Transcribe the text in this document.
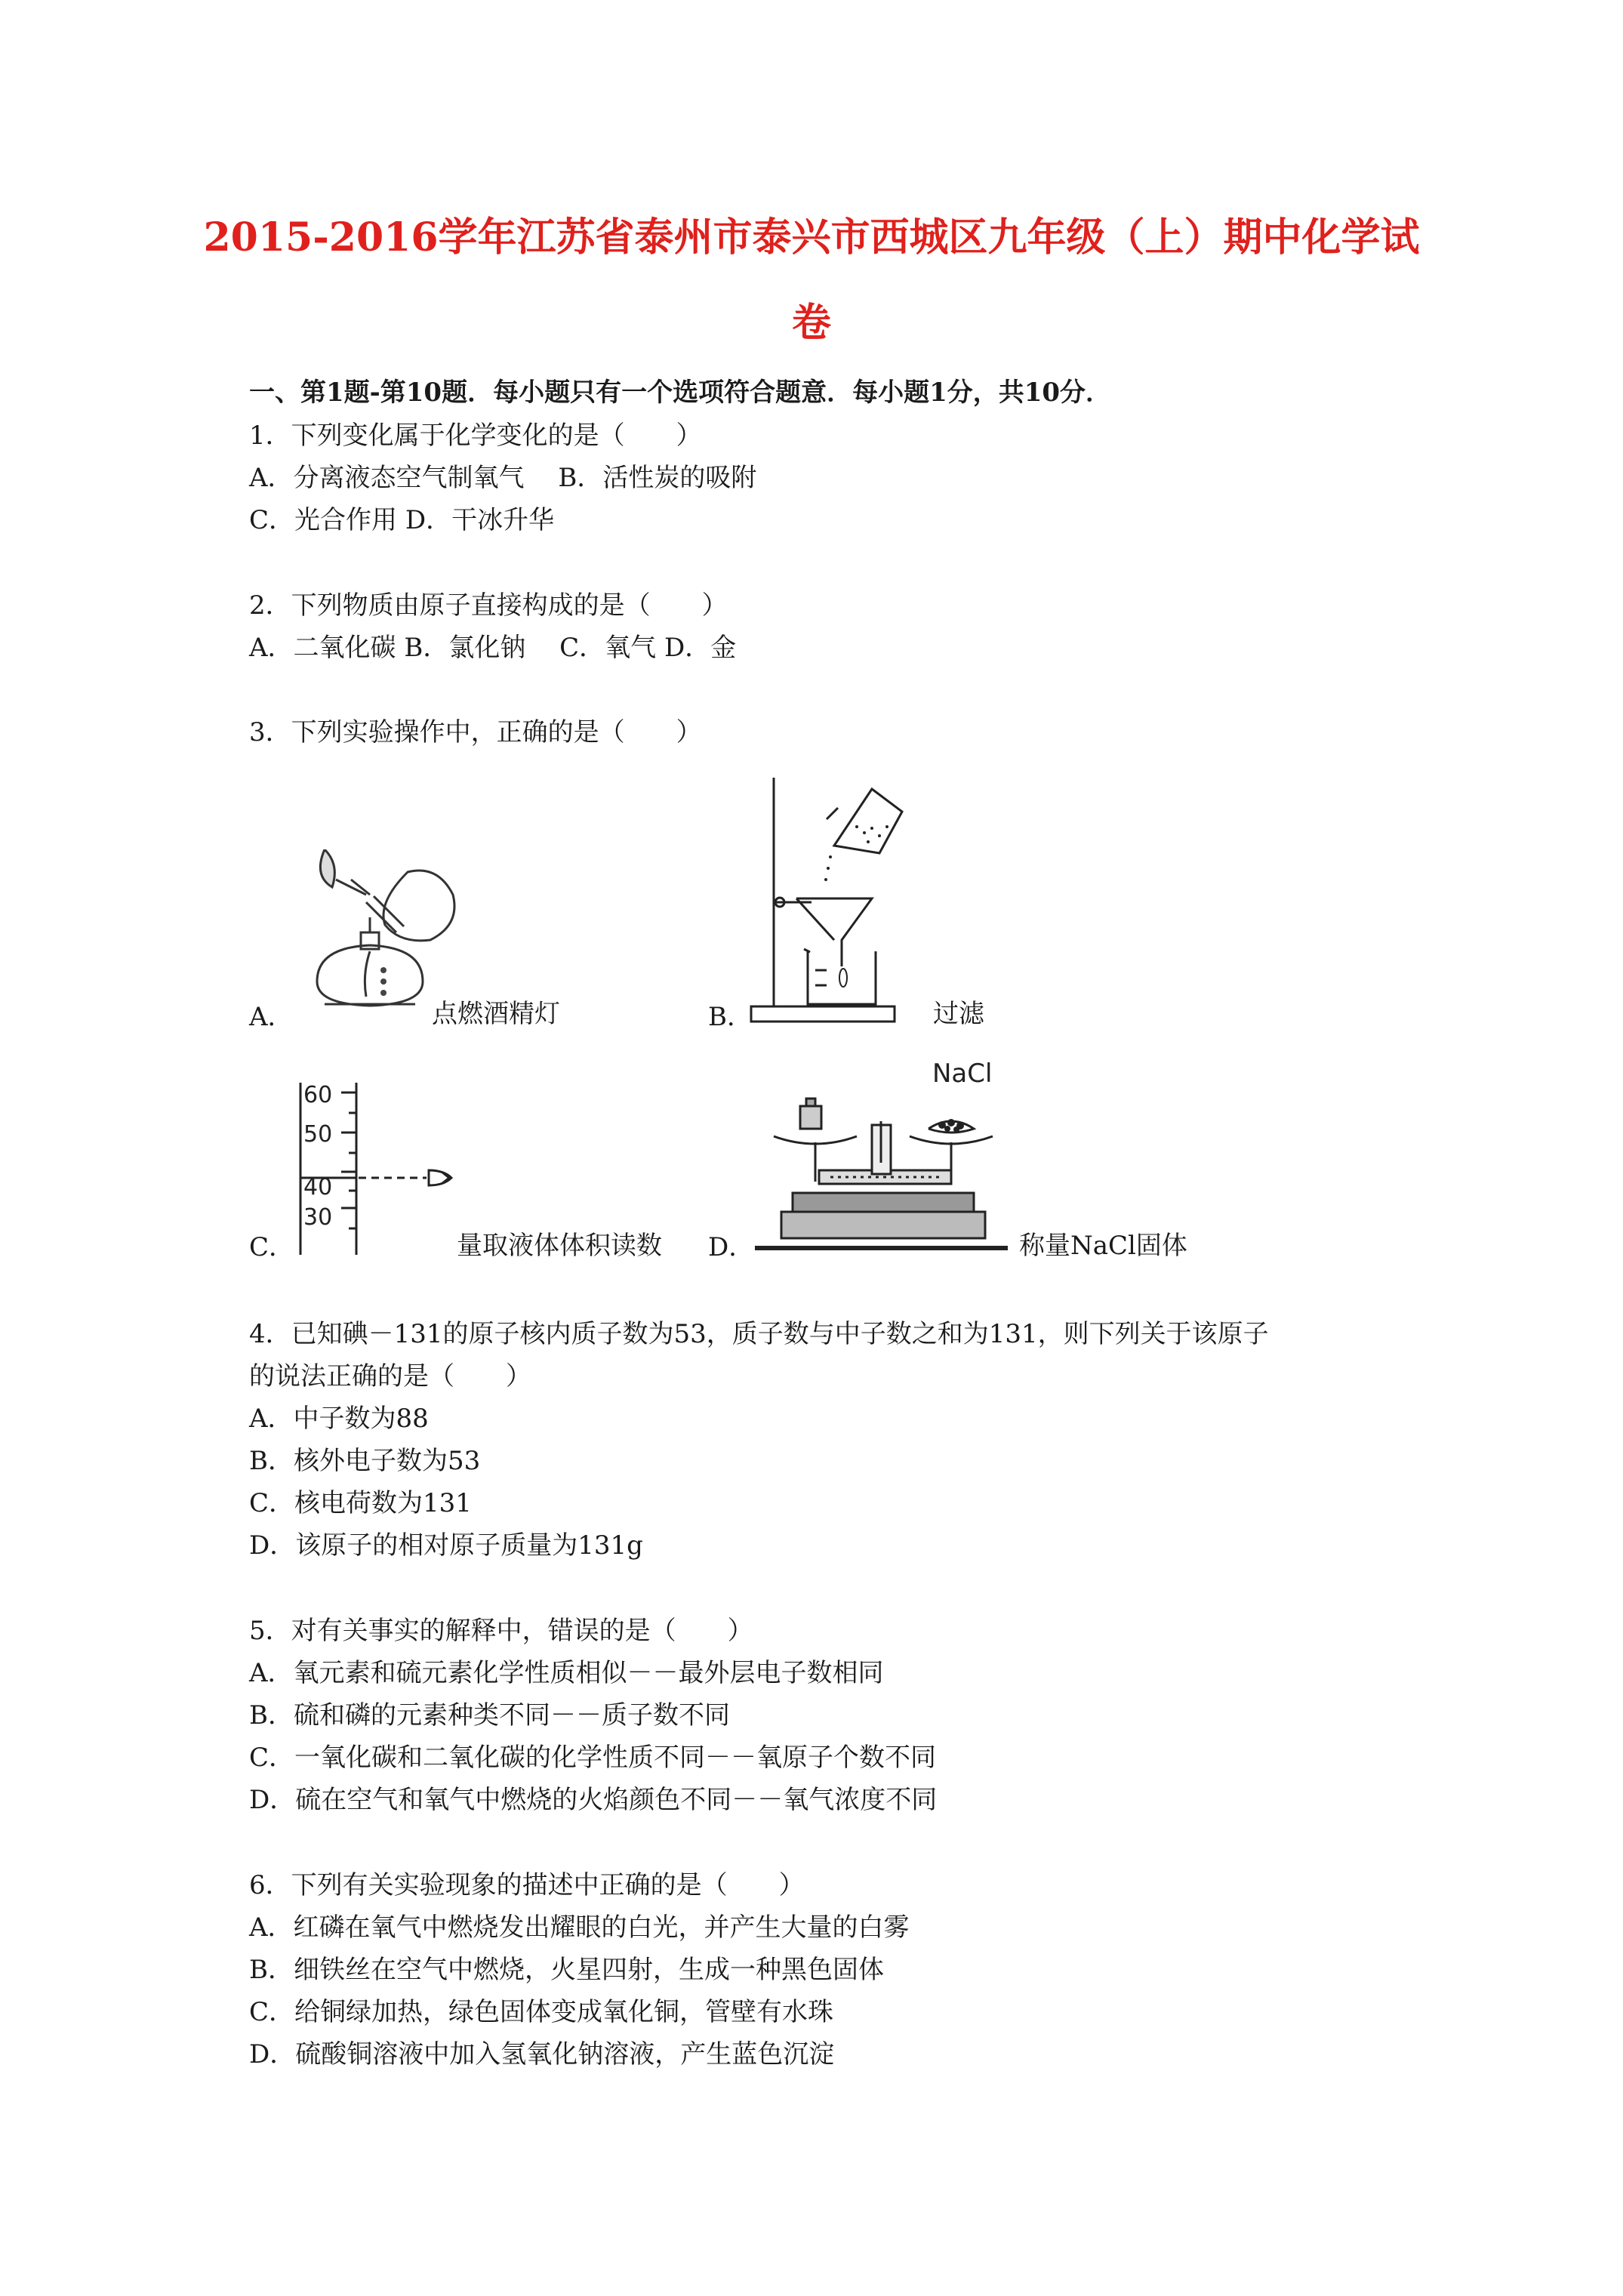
2015-2016学年江苏省泰州市泰兴市西城区九年级（上）期中化学试
卷
一、第1题-第10题．每小题只有一个选项符合题意．每小题1分，共10分．
1．下列变化属于化学变化的是（　　）
A．分离液态空气制氧气　 B．活性炭的吸附
C．光合作用 D．干冰升华
2．下列物质由原子直接构成的是（　　）
A．二氧化碳 B．氯化钠　 C．氧气 D．金
3．下列实验操作中，正确的是（　　）
A．	点燃酒精灯	B．	过滤
60
50
40
30
C．	量取液体体积读数
NaCl
D．	称量NaCl固体
4．已知碘－131的原子核内质子数为53，质子数与中子数之和为131，则下列关于该原子
的说法正确的是（　　）
A．中子数为88
B．核外电子数为53
C．核电荷数为131
D．该原子的相对原子质量为131g
5．对有关事实的解释中，错误的是（　　）
A．氧元素和硫元素化学性质相似－－最外层电子数相同
B．硫和磷的元素种类不同－－质子数不同
C．一氧化碳和二氧化碳的化学性质不同－－氧原子个数不同
D．硫在空气和氧气中燃烧的火焰颜色不同－－氧气浓度不同
6．下列有关实验现象的描述中正确的是（　　）
A．红磷在氧气中燃烧发出耀眼的白光，并产生大量的白雾
B．细铁丝在空气中燃烧，火星四射，生成一种黑色固体
C．给铜绿加热，绿色固体变成氧化铜，管壁有水珠
D．硫酸铜溶液中加入氢氧化钠溶液，产生蓝色沉淀
